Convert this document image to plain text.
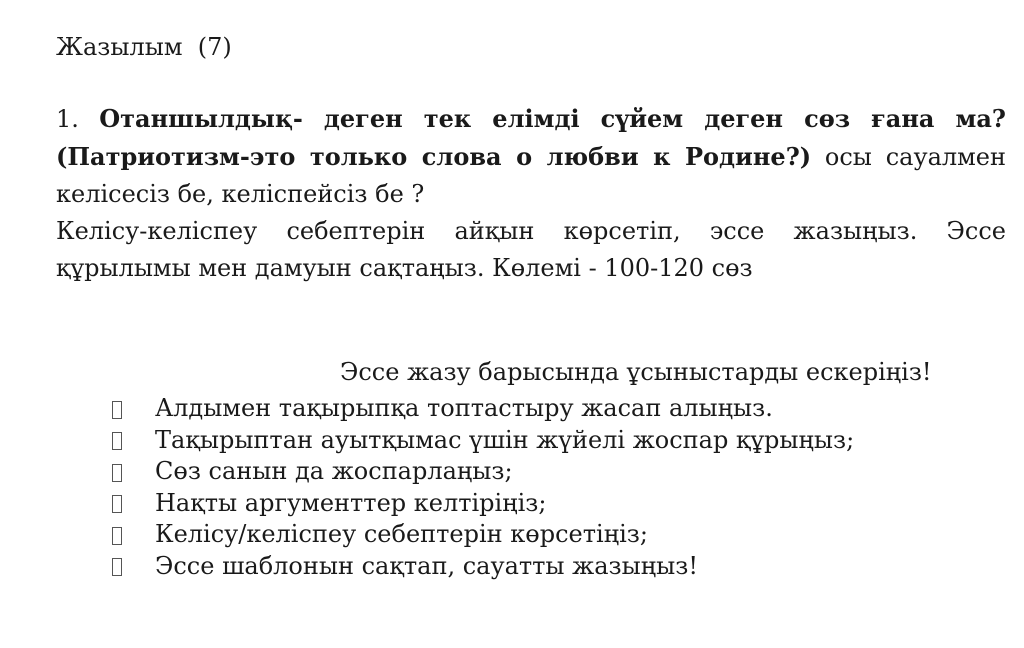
Жазылым  (7)

1. Отаншылдық- деген тек елімді сүйем деген сөз ғана ма? (Патриотизм-это только слова о любви к Родине?) осы сауалмен келісесіз бе, келіспейсіз бе ?

Келісу-келіспеу себептерін айқын көрсетіп, эссе жазыңыз. Эссе құрылымы мен дамуын сақтаңыз. Көлемі - 100-120 сөз

Эссе жазу барысында ұсыныстарды ескеріңіз!
Алдымен тақырыпқа топтастыру жасап алыңыз.
Тақырыптан ауытқымас үшін жүйелі жоспар құрыңыз;
Сөз санын да жоспарлаңыз;
Нақты аргументтер келтіріңіз;
Келісу/келіспеу себептерін көрсетіңіз;
Эссе шаблонын сақтап, сауатты жазыңыз!
